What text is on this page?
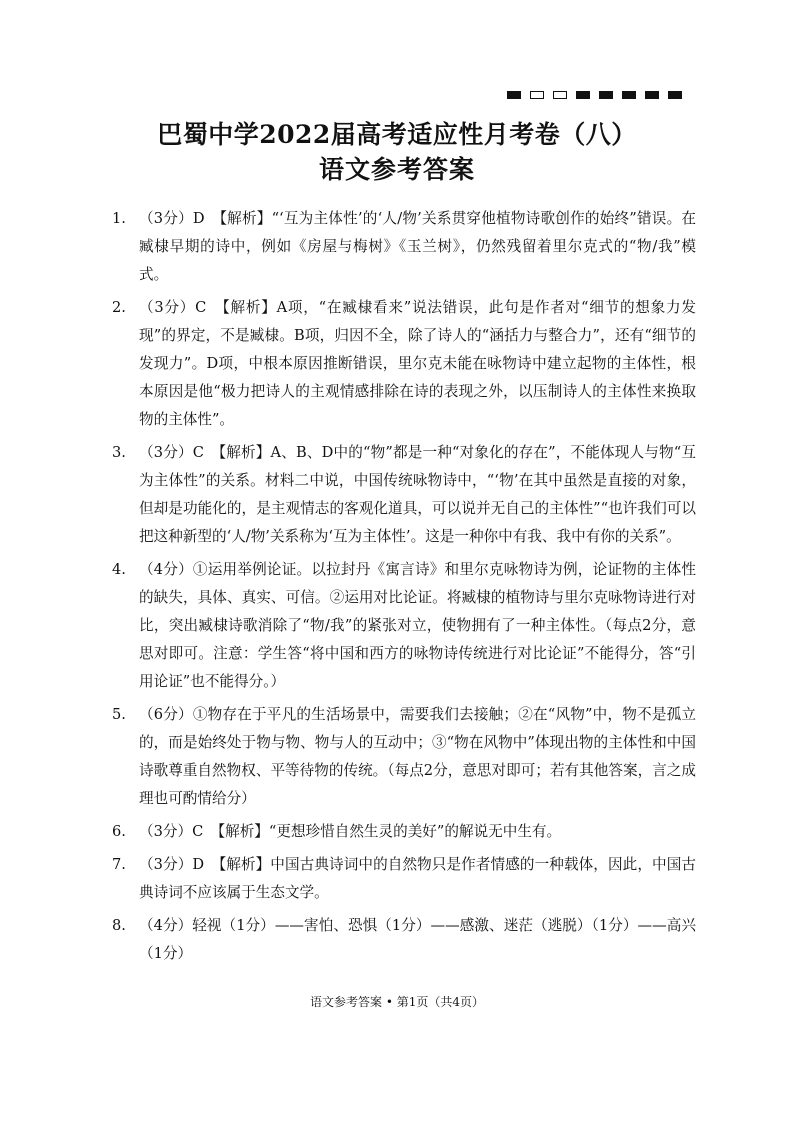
巴蜀中学2022届高考适应性月考卷（八）
语文参考答案
1. （3分）D　【解析】“‘互为主体性’的‘人/物’关系贯穿他植物诗歌创作的始终”错误。在臧棣早期的诗中，例如《房屋与梅树》《玉兰树》，仍然残留着里尔克式的“物/我”模式。
2. （3分）C　【解析】A项，“在臧棣看来”说法错误，此句是作者对“细节的想象力发现”的界定，不是臧棣。B项，归因不全，除了诗人的“涵括力与整合力”，还有“细节的发现力”。D项，中根本原因推断错误，里尔克未能在咏物诗中建立起物的主体性，根本原因是他“极力把诗人的主观情感排除在诗的表现之外，以压制诗人的主体性来换取物的主体性”。
3. （3分）C　【解析】A、B、D中的“物”都是一种“对象化的存在”，不能体现人与物“互为主体性”的关系。材料二中说，中国传统咏物诗中，“‘物’在其中虽然是直接的对象，但却是功能化的，是主观情志的客观化道具，可以说并无自己的主体性”“也许我们可以把这种新型的‘人/物’关系称为‘互为主体性’。这是一种你中有我、我中有你的关系”。
4. （4分）①运用举例论证。以拉封丹《寓言诗》和里尔克咏物诗为例，论证物的主体性的缺失，具体、真实、可信。②运用对比论证。将臧棣的植物诗与里尔克咏物诗进行对比，突出臧棣诗歌消除了“物/我”的紧张对立，使物拥有了一种主体性。（每点2分，意思对即可。注意：学生答“将中国和西方的咏物诗传统进行对比论证”不能得分，答“引用论证”也不能得分。）
5. （6分）①物存在于平凡的生活场景中，需要我们去接触；②在“风物”中，物不是孤立的，而是始终处于物与物、物与人的互动中；③“物在风物中”体现出物的主体性和中国诗歌尊重自然物权、平等待物的传统。（每点2分，意思对即可；若有其他答案，言之成理也可酌情给分）
6. （3分）C　【解析】“更想珍惜自然生灵的美好”的解说无中生有。
7. （3分）D　【解析】中国古典诗词中的自然物只是作者情感的一种载体，因此，中国古典诗词不应该属于生态文学。
8. （4分）轻视（1分）——害怕、恐惧（1分）——感激、迷茫（逃脱）（1分）——高兴（1分）
语文参考答案 • 第1页（共4页）
